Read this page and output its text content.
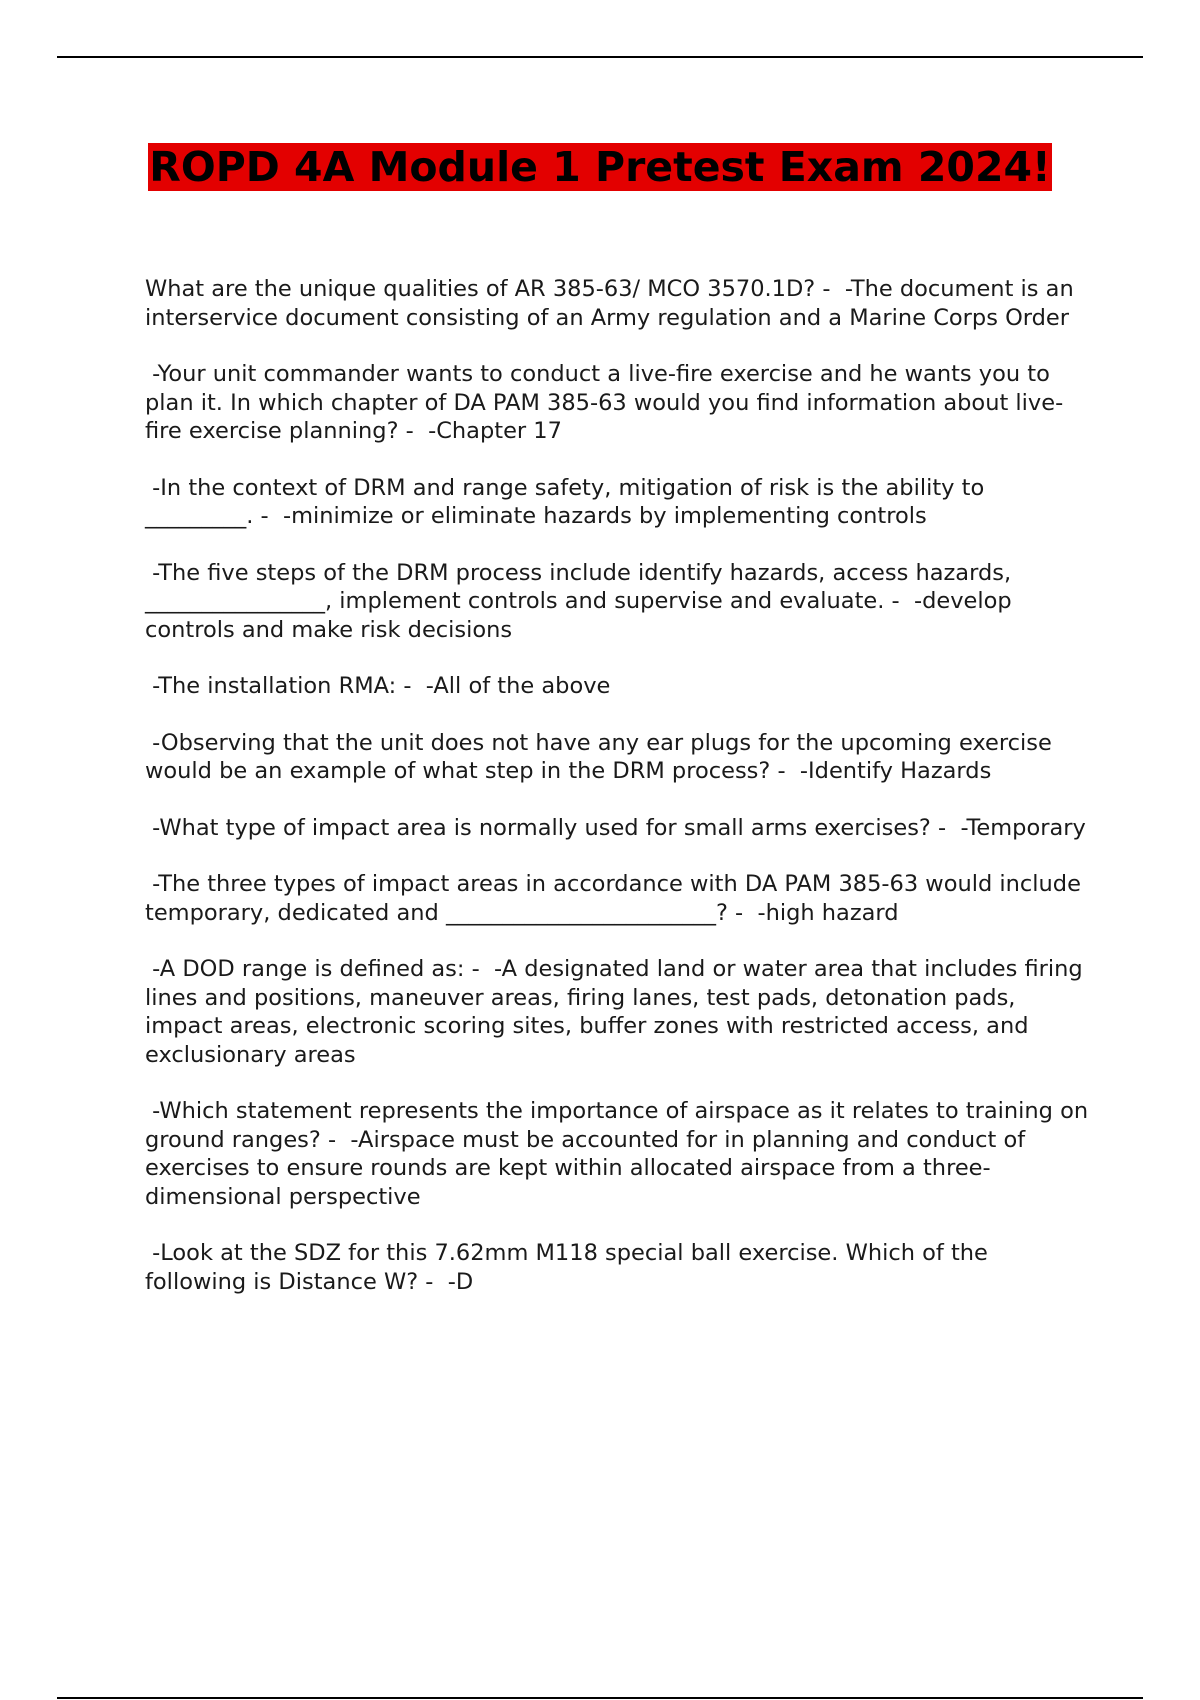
ROPD 4A Module 1 Pretest Exam 2024!

What are the unique qualities of AR 385-63/ MCO 3570.1D? -  -The document is an interservice document consisting of an Army regulation and a Marine Corps Order

-Your unit commander wants to conduct a live-fire exercise and he wants you to plan it. In which chapter of DA PAM 385-63 would you find information about live-fire exercise planning? -  -Chapter 17

-In the context of DRM and range safety, mitigation of risk is the ability to _________. -  -minimize or eliminate hazards by implementing controls

-The five steps of the DRM process include identify hazards, access hazards, ________________, implement controls and supervise and evaluate. -  -develop controls and make risk decisions

-The installation RMA: -  -All of the above

-Observing that the unit does not have any ear plugs for the upcoming exercise would be an example of what step in the DRM process? -  -Identify Hazards

-What type of impact area is normally used for small arms exercises? -  -Temporary

-The three types of impact areas in accordance with DA PAM 385-63 would include temporary, dedicated and ________________________? -  -high hazard

-A DOD range is defined as: -  -A designated land or water area that includes firing lines and positions, maneuver areas, firing lanes, test pads, detonation pads, impact areas, electronic scoring sites, buffer zones with restricted access, and exclusionary areas

-Which statement represents the importance of airspace as it relates to training on ground ranges? -  -Airspace must be accounted for in planning and conduct of exercises to ensure rounds are kept within allocated airspace from a three-dimensional perspective

-Look at the SDZ for this 7.62mm M118 special ball exercise. Which of the following is Distance W? -  -D
